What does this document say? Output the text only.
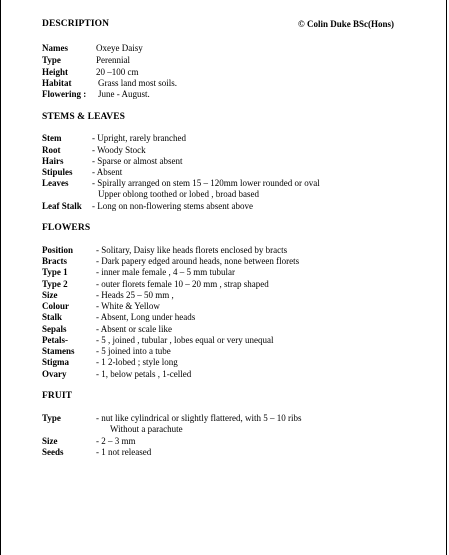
DESCRIPTION	© Colin Duke BSc(Hons)
Names	Oxeye Daisy
Type	Perennial
Height	20 –100 cm
Habitat	Grass land most soils.
Flowering : June - August.
STEMS & LEAVES
Stem	- Upright, rarely branched
Root	- Woody Stock
Hairs	- Sparse or almost absent
Stipules - Absent
Leaves	- Spirally arranged on stem 15 – 120mm lower rounded or oval
Upper oblong toothed or lobed , broad based
Leaf Stalk - Long on non-flowering stems absent above
FLOWERS
Position	- Solitary, Daisy like heads florets enclosed by bracts
Bracts	- Dark papery edged around heads, none between florets
Type 1	- inner male female , 4 – 5 mm tubular
Type 2	- outer florets female 10 – 20 mm , strap shaped
Size	- Heads 25 – 50 mm ,
Colour	- White & Yellow
Stalk	- Absent, Long under heads
Sepals	- Absent or scale like
Petals-	- 5 , joined , tubular , lobes equal or very unequal
Stamens - 5 joined into a tube
Stigma	- 1 2-lobed ; style long
Ovary	- 1, below petals , 1-celled
FRUIT
Type	- nut like cylindrical or slightly flattered, with 5 – 10 ribs
Without a parachute
Size	- 2 – 3 mm
Seeds	- 1 not released
